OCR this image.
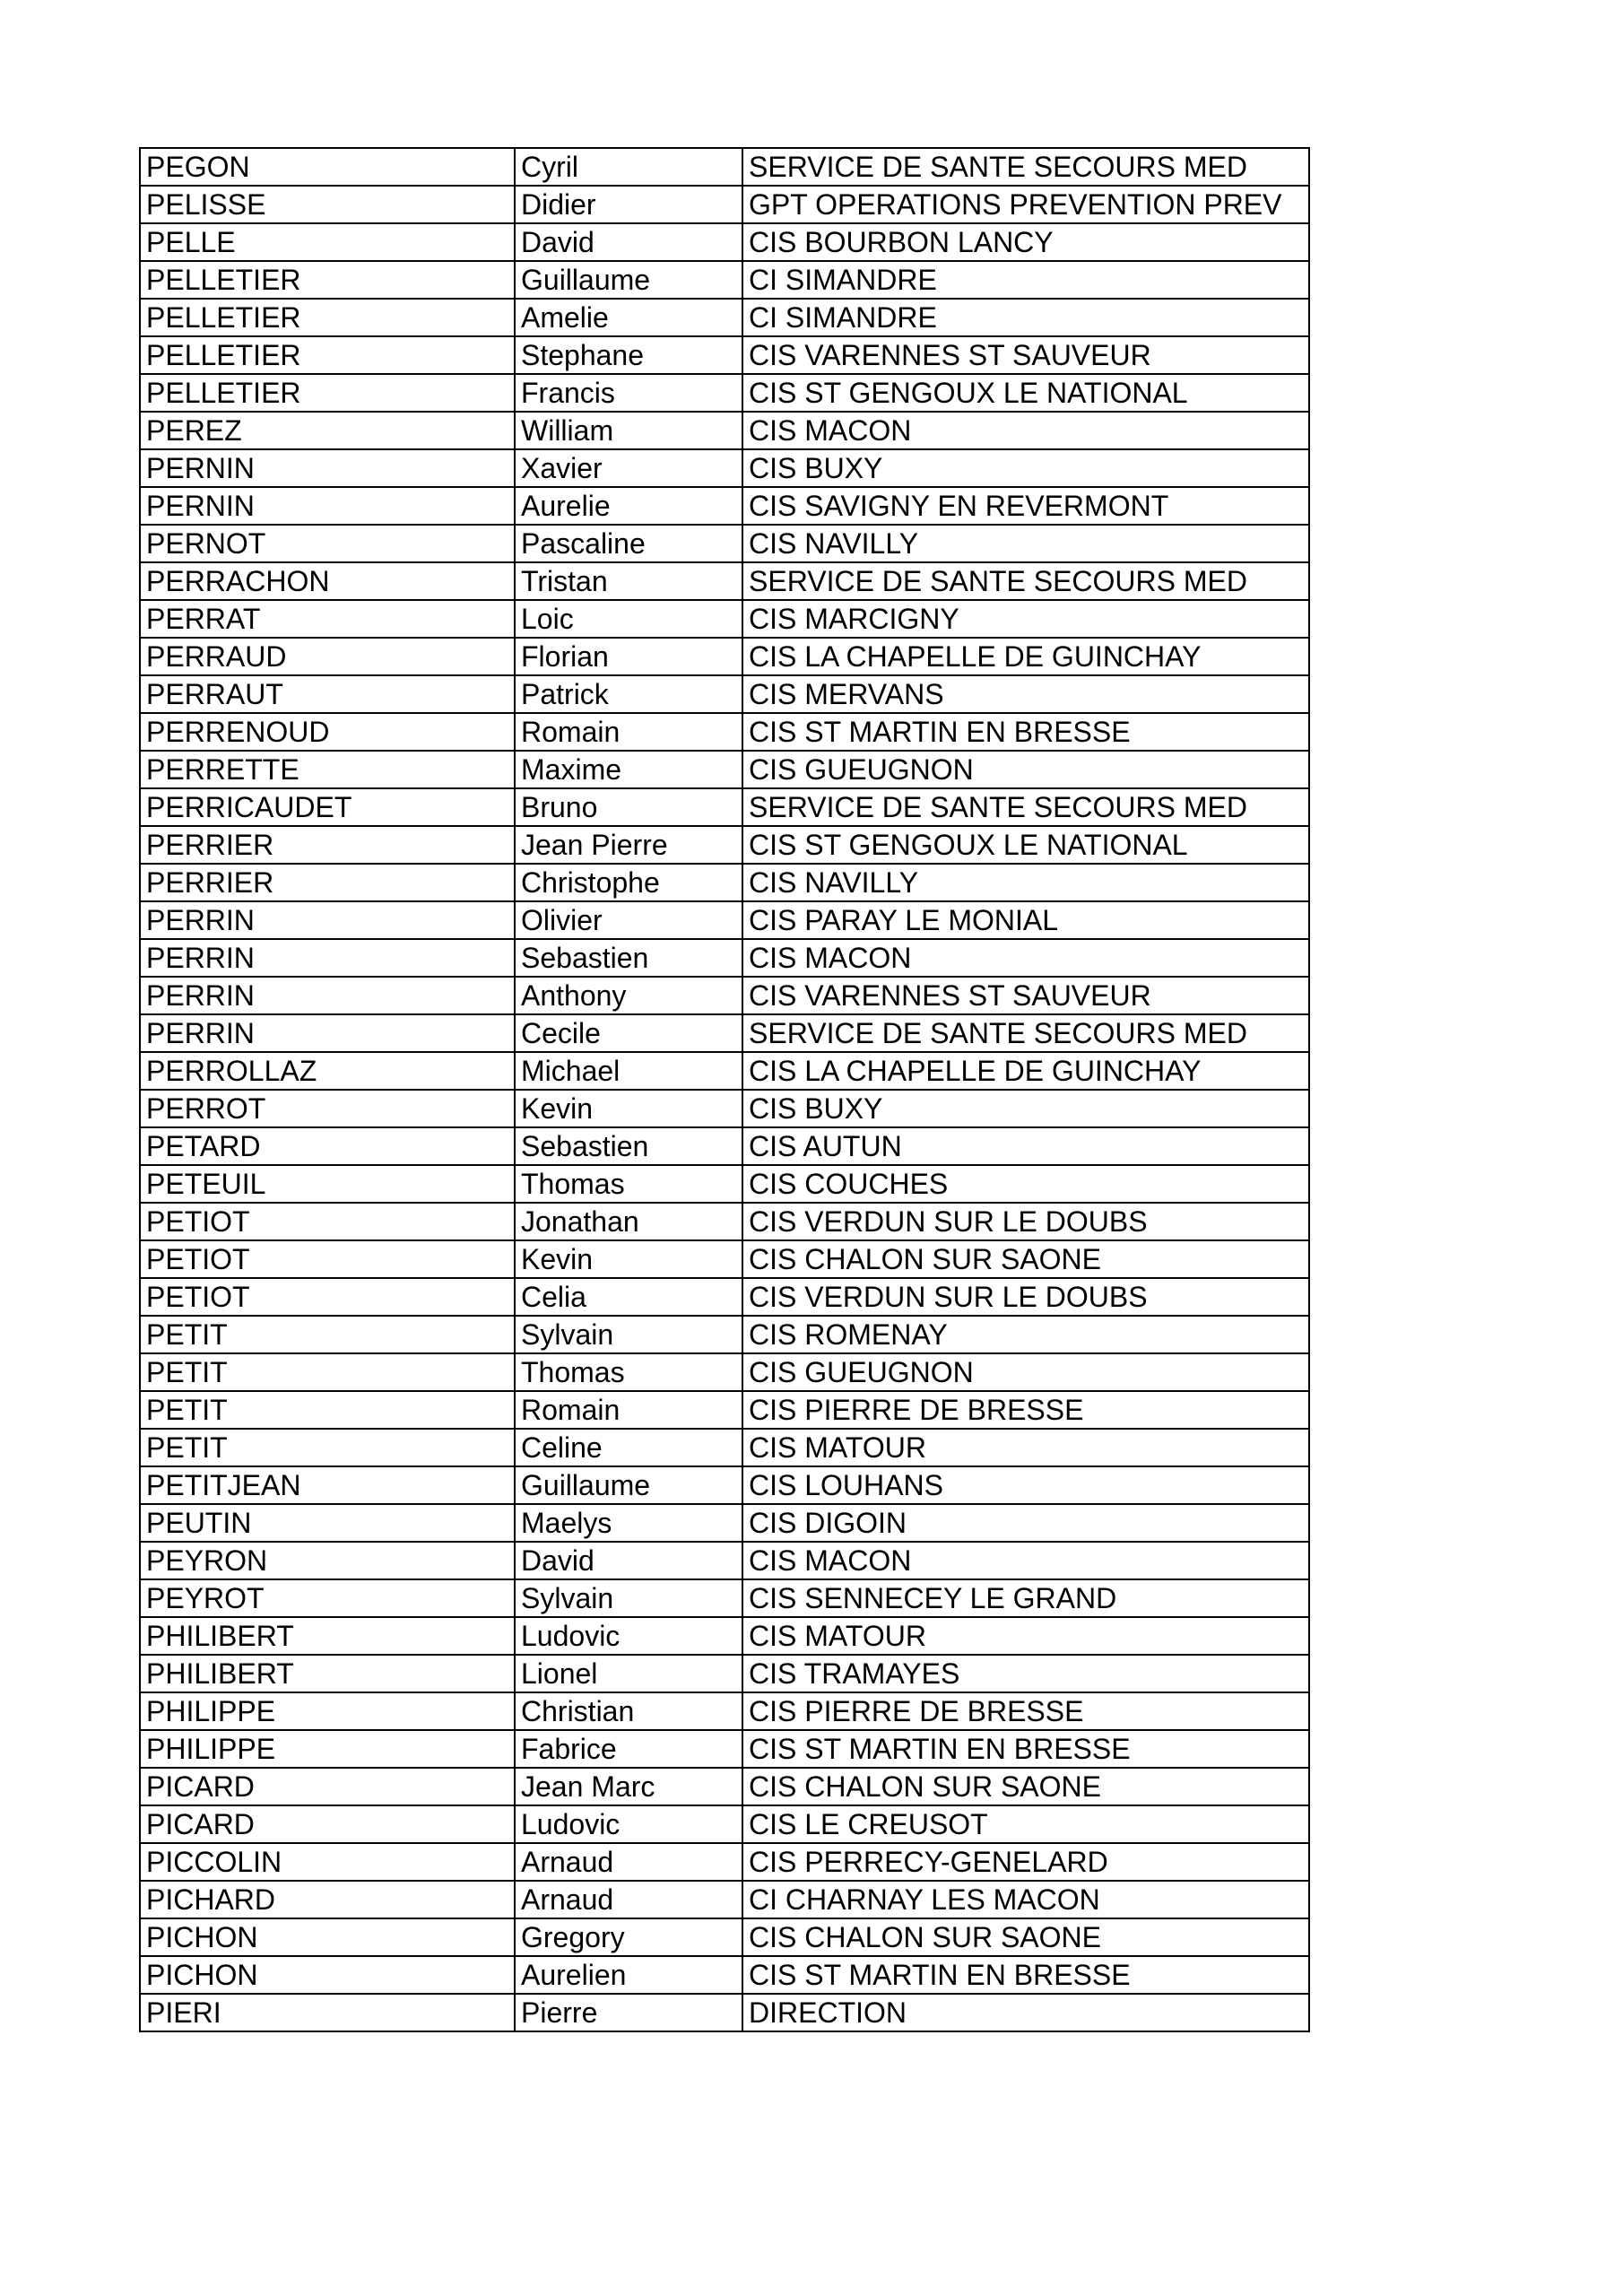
PEGON	Cyril	SERVICE DE SANTE SECOURS MED
PELISSE	Didier	GPT OPERATIONS PREVENTION PREV
PELLE	David	CIS BOURBON LANCY
PELLETIER	Guillaume	CI SIMANDRE
PELLETIER	Amelie	CI SIMANDRE
PELLETIER	Stephane	CIS VARENNES ST SAUVEUR
PELLETIER	Francis	CIS ST GENGOUX LE NATIONAL
PEREZ	William	CIS MACON
PERNIN	Xavier	CIS BUXY
PERNIN	Aurelie	CIS SAVIGNY EN REVERMONT
PERNOT	Pascaline	CIS NAVILLY
PERRACHON	Tristan	SERVICE DE SANTE SECOURS MED
PERRAT	Loic	CIS MARCIGNY
PERRAUD	Florian	CIS LA CHAPELLE DE GUINCHAY
PERRAUT	Patrick	CIS MERVANS
PERRENOUD	Romain	CIS ST MARTIN EN BRESSE
PERRETTE	Maxime	CIS GUEUGNON
PERRICAUDET	Bruno	SERVICE DE SANTE SECOURS MED
PERRIER	Jean Pierre	CIS ST GENGOUX LE NATIONAL
PERRIER	Christophe	CIS NAVILLY
PERRIN	Olivier	CIS PARAY LE MONIAL
PERRIN	Sebastien	CIS MACON
PERRIN	Anthony	CIS VARENNES ST SAUVEUR
PERRIN	Cecile	SERVICE DE SANTE SECOURS MED
PERROLLAZ	Michael	CIS LA CHAPELLE DE GUINCHAY
PERROT	Kevin	CIS BUXY
PETARD	Sebastien	CIS AUTUN
PETEUIL	Thomas	CIS COUCHES
PETIOT	Jonathan	CIS VERDUN SUR LE DOUBS
PETIOT	Kevin	CIS CHALON SUR SAONE
PETIOT	Celia	CIS VERDUN SUR LE DOUBS
PETIT	Sylvain	CIS ROMENAY
PETIT	Thomas	CIS GUEUGNON
PETIT	Romain	CIS PIERRE DE BRESSE
PETIT	Celine	CIS MATOUR
PETITJEAN	Guillaume	CIS LOUHANS
PEUTIN	Maelys	CIS DIGOIN
PEYRON	David	CIS MACON
PEYROT	Sylvain	CIS SENNECEY LE GRAND
PHILIBERT	Ludovic	CIS MATOUR
PHILIBERT	Lionel	CIS TRAMAYES
PHILIPPE	Christian	CIS PIERRE DE BRESSE
PHILIPPE	Fabrice	CIS ST MARTIN EN BRESSE
PICARD	Jean Marc	CIS CHALON SUR SAONE
PICARD	Ludovic	CIS LE CREUSOT
PICCOLIN	Arnaud	CIS PERRECY-GENELARD
PICHARD	Arnaud	CI CHARNAY LES MACON
PICHON	Gregory	CIS CHALON SUR SAONE
PICHON	Aurelien	CIS ST MARTIN EN BRESSE
PIERI	Pierre	DIRECTION
